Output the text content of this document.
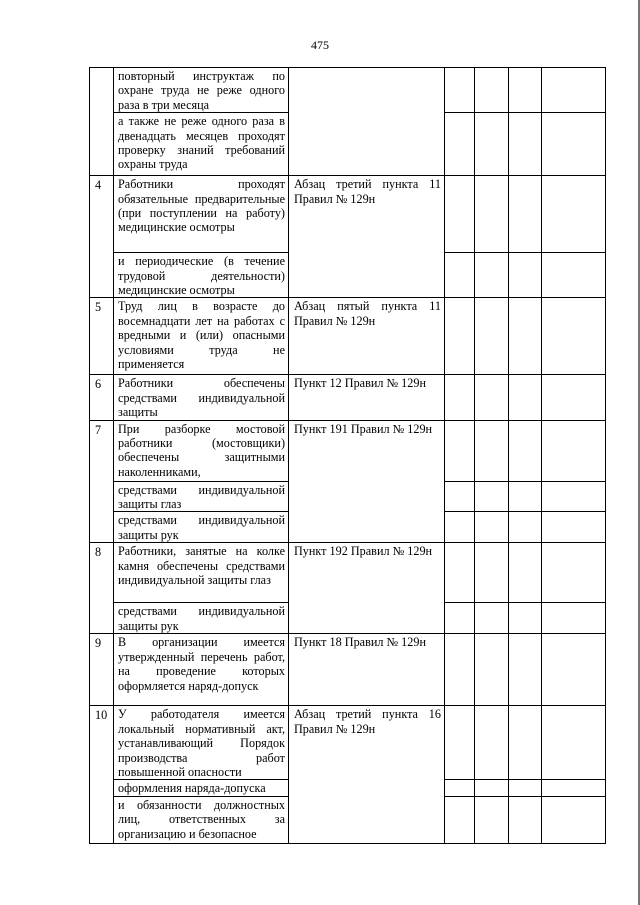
475
	повторный инструктаж по охране труда не реже одного раза в три месяца					
	а также не реже одного раза в двенадцать месяцев проходят проверку знаний требований охраны труда					
4	Работники проходят обязательные предварительные (при поступлении на работу) медицинские осмотры	Абзац третий пункта 11 Правил № 129н				
	и периодические (в течение трудовой деятельности) медицинские осмотры					
5	Труд лиц в возрасте до восемнадцати лет на работах с вредными и (или) опасными условиями труда не применяется	Абзац пятый пункта 11 Правил № 129н				
6	Работники обеспечены средствами индивидуальной защиты	Пункт 12 Правил № 129н				
7	При разборке мостовой работники (мостовщики) обеспечены защитными наколенниками,	Пункт 191 Правил № 129н				
	средствами индивидуальной защиты глаз					
	средствами индивидуальной защиты рук					
8	Работники, занятые на колке камня обеспечены средствами индивидуальной защиты глаз	Пункт 192 Правил № 129н				
	средствами индивидуальной защиты рук					
9	В организации имеется утвержденный перечень работ, на проведение которых оформляется наряд-допуск	Пункт 18 Правил № 129н				
10	У работодателя имеется локальный нормативный акт, устанавливающий Порядок производства работ повышенной опасности	Абзац третий пункта 16 Правил № 129н				
	оформления наряда-допуска					
	и обязанности должностных лиц, ответственных за организацию и безопасное					
